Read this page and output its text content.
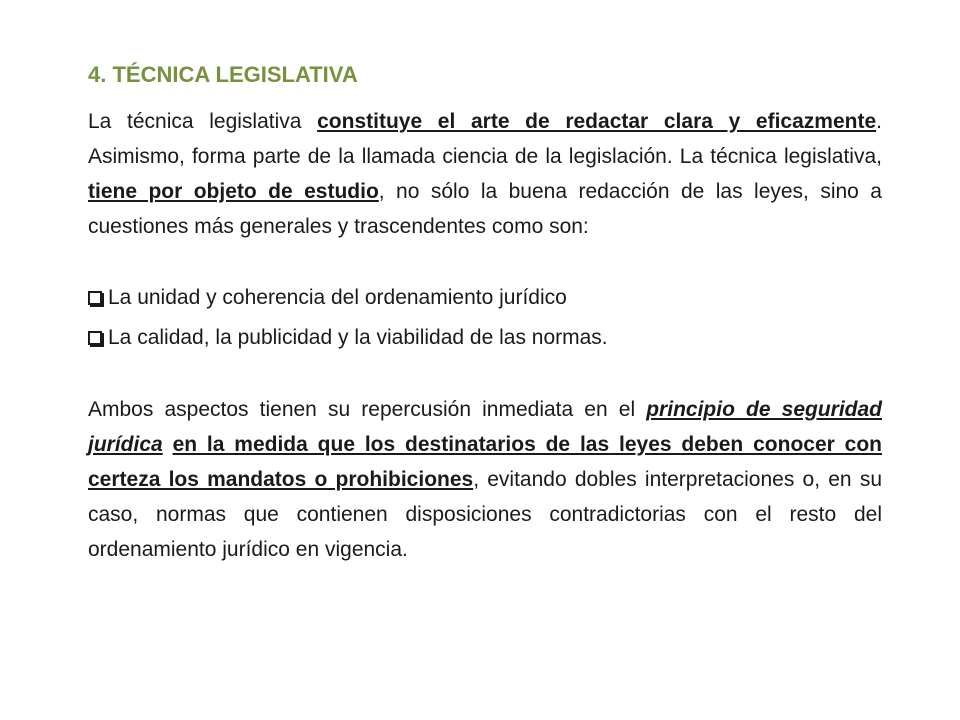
4. TÉCNICA LEGISLATIVA

La técnica legislativa constituye el arte de redactar clara y eficazmente. Asimismo, forma parte de la llamada ciencia de la legislación. La técnica legislativa, tiene por objeto de estudio, no sólo la buena redacción de las leyes, sino a cuestiones más generales y trascendentes como son:

La unidad y coherencia del ordenamiento jurídico
La calidad, la publicidad y la viabilidad de las normas.

Ambos aspectos tienen su repercusión inmediata en el principio de seguridad jurídica en la medida que los destinatarios de las leyes deben conocer con certeza los mandatos o prohibiciones, evitando dobles interpretaciones o, en su caso, normas que contienen disposiciones contradictorias con el resto del ordenamiento jurídico en vigencia.
